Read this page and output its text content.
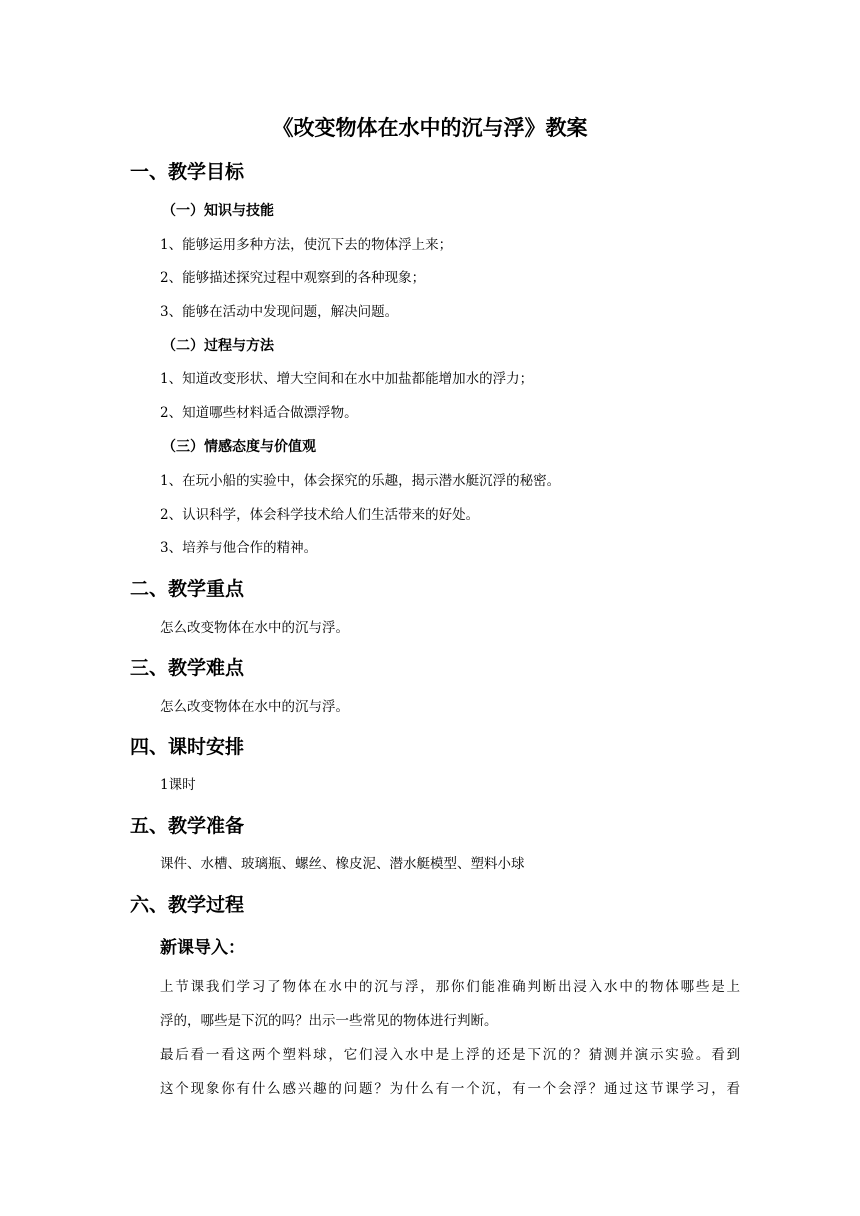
《改变物体在水中的沉与浮》教案
一、教学目标
（一）知识与技能
1、能够运用多种方法，使沉下去的物体浮上来；
2、能够描述探究过程中观察到的各种现象；
3、能够在活动中发现问题，解决问题。
（二）过程与方法
1、知道改变形状、增大空间和在水中加盐都能增加水的浮力；
2、知道哪些材料适合做漂浮物。
（三）情感态度与价值观
1、在玩小船的实验中，体会探究的乐趣，揭示潜水艇沉浮的秘密。
2、认识科学，体会科学技术给人们生活带来的好处。
3、培养与他合作的精神。
二、教学重点
怎么改变物体在水中的沉与浮。
三、教学难点
怎么改变物体在水中的沉与浮。
四、课时安排
1课时
五、教学准备
课件、水槽、玻璃瓶、螺丝、橡皮泥、潜水艇模型、塑料小球
六、教学过程
新课导入：
上节课我们学习了物体在水中的沉与浮，那你们能准确判断出浸入水中的物体哪些是上
浮的，哪些是下沉的吗？出示一些常见的物体进行判断。
最后看一看这两个塑料球，它们浸入水中是上浮的还是下沉的？猜测并演示实验。看到
这个现象你有什么感兴趣的问题？为什么有一个沉，有一个会浮？通过这节课学习，看
